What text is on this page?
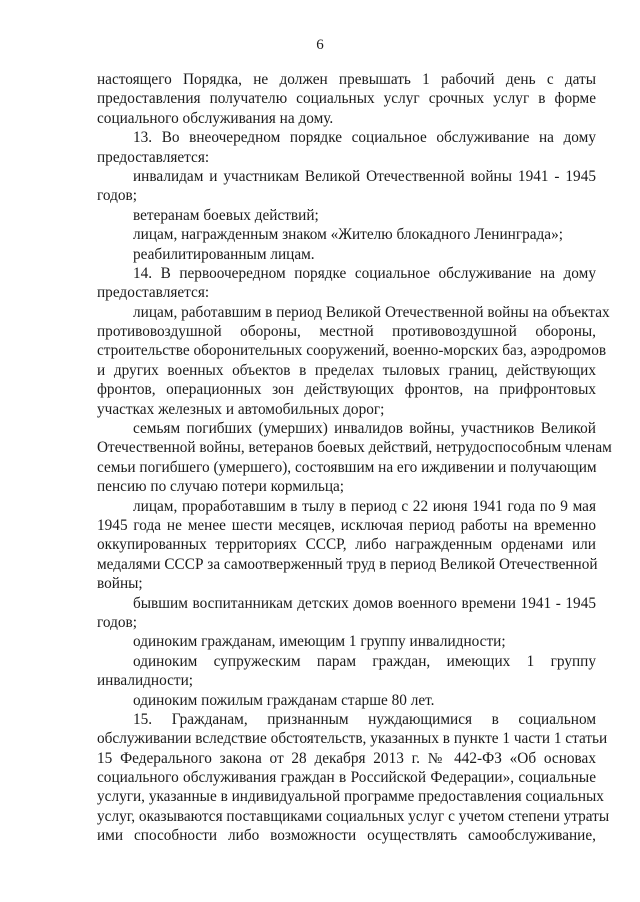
6
настоящего Порядка, не должен превышать 1 рабочий день с даты
предоставления получателю социальных услуг срочных услуг в форме
социального обслуживания на дому.
13. Во внеочередном порядке социальное обслуживание на дому
предоставляется:
инвалидам и участникам Великой Отечественной войны 1941 - 1945
годов;
ветеранам боевых действий;
лицам, награжденным знаком «Жителю блокадного Ленинграда»;
реабилитированным лицам.
14. В первоочередном порядке социальное обслуживание на дому
предоставляется:
лицам, работавшим в период Великой Отечественной войны на объектах
противовоздушной обороны, местной противовоздушной обороны,
строительстве оборонительных сооружений, военно-морских баз, аэродромов
и других военных объектов в пределах тыловых границ, действующих
фронтов, операционных зон действующих фронтов, на прифронтовых
участках железных и автомобильных дорог;
семьям погибших (умерших) инвалидов войны, участников Великой
Отечественной войны, ветеранов боевых действий, нетрудоспособным членам
семьи погибшего (умершего), состоявшим на его иждивении и получающим
пенсию по случаю потери кормильца;
лицам, проработавшим в тылу в период с 22 июня 1941 года по 9 мая
1945 года не менее шести месяцев, исключая период работы на временно
оккупированных территориях СССР, либо награжденным орденами или
медалями СССР за самоотверженный труд в период Великой Отечественной
войны;
бывшим воспитанникам детских домов военного времени 1941 - 1945
годов;
одиноким гражданам, имеющим 1 группу инвалидности;
одиноким супружеским парам граждан, имеющих 1 группу
инвалидности;
одиноким пожилым гражданам старше 80 лет.
15. Гражданам, признанным нуждающимися в социальном
обслуживании вследствие обстоятельств, указанных в пункте 1 части 1 статьи
15 Федерального закона от 28 декабря 2013 г. № 442-ФЗ «Об основах
социального обслуживания граждан в Российской Федерации», социальные
услуги, указанные в индивидуальной программе предоставления социальных
услуг, оказываются поставщиками социальных услуг с учетом степени утраты
ими способности либо возможности осуществлять самообслуживание,
